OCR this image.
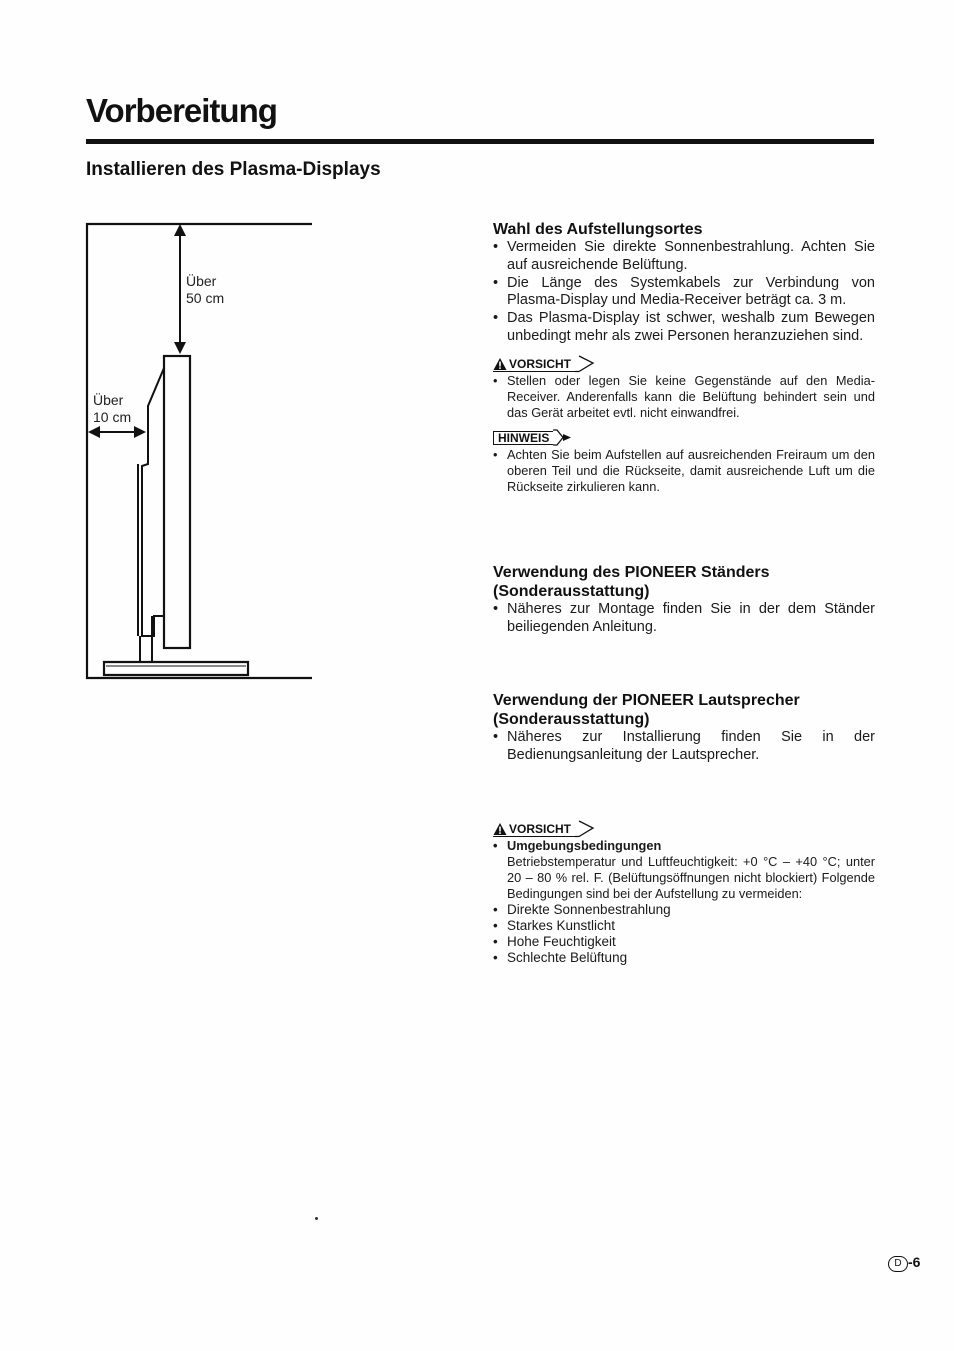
Vorbereitung
Installieren des Plasma-Displays
Über
50 cm
Über
10 cm
Wahl des Aufstellungsortes
• Vermeiden Sie direkte Sonnenbestrahlung. Achten Sie auf ausreichende Belüftung.
• Die Länge des Systemkabels zur Verbindung von Plasma-Display und Media-Receiver beträgt ca. 3 m.
• Das Plasma-Display ist schwer, weshalb zum Bewegen unbedingt mehr als zwei Personen heranzuziehen sind.
VORSICHT
• Stellen oder legen Sie keine Gegenstände auf den Media-Receiver. Anderenfalls kann die Belüftung behindert sein und das Gerät arbeitet evtl. nicht einwandfrei.
HINWEIS
• Achten Sie beim Aufstellen auf ausreichenden Freiraum um den oberen Teil und die Rückseite, damit ausreichende Luft um die Rückseite zirkulieren kann.
Verwendung des PIONEER Ständers
(Sonderausstattung)
• Näheres zur Montage finden Sie in der dem Ständer beiliegenden Anleitung.
Verwendung der PIONEER Lautsprecher
(Sonderausstattung)
• Näheres zur Installierung finden Sie in der Bedienungsanleitung der Lautsprecher.
VORSICHT
• Umgebungsbedingungen
Betriebstemperatur und Luftfeuchtigkeit: +0 °C – +40 °C; unter 20 – 80 % rel. F. (Belüftungsöffnungen nicht blockiert) Folgende Bedingungen sind bei der Aufstellung zu vermeiden:
• Direkte Sonnenbestrahlung
• Starkes Kunstlicht
• Hohe Feuchtigkeit
• Schlechte Belüftung
D -6
